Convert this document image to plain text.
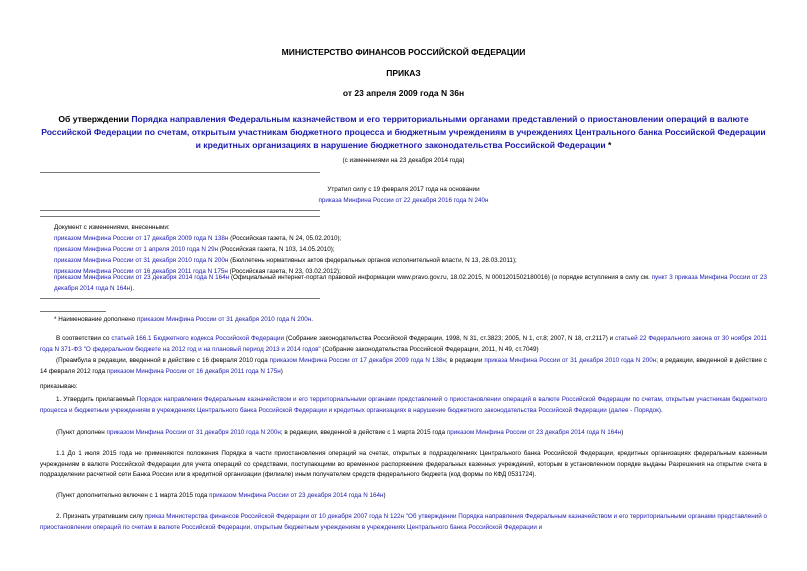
МИНИСТЕРСТВО ФИНАНСОВ РОССИЙСКОЙ ФЕДЕРАЦИИ
ПРИКАЗ
от 23 апреля 2009 года N 36н
Об утверждении Порядка направления Федеральным казначейством и его территориальными органами представлений о приостановлении операций в валюте Российской Федерации по счетам, открытым участникам бюджетного процесса и бюджетным учреждениям в учреждениях Центрального банка Российской Федерации и кредитных организациях в нарушение бюджетного законодательства Российской Федерации *
(с изменениями на 23 декабря 2014 года)
Утратил силу с 19 февраля 2017 года на основании
приказа Минфина России от 22 декабря 2016 года N 240н
Документ с изменениями, внесенными:
приказом Минфина России от 17 декабря 2009 года N 138н (Российская газета, N 24, 05.02.2010);
приказом Минфина России от 1 апреля 2010 года N 29н (Российская газета, N 103, 14.05.2010);
приказом Минфина России от 31 декабря 2010 года N 200н (Бюллетень нормативных актов федеральных органов исполнительной власти, N 13, 28.03.2011);
приказом Минфина России от 16 декабря 2011 года N 175н (Российская газета, N 23, 03.02.2012);
приказом Минфина России от 23 декабря 2014 года N 164н (Официальный интернет-портал правовой информации www.pravo.gov.ru, 18.02.2015, N 0001201502180016) (о порядке вступления в силу см. пункт 3 приказа Минфина России от 23 декабря 2014 года N 164н).
* Наименование дополнено приказом Минфина России от 31 декабря 2010 года N 200н.
В соответствии со статьей 166.1 Бюджетного кодекса Российской Федерации (Собрание законодательства Российской Федерации, 1998, N 31, ст.3823; 2005, N 1, ст.8; 2007, N 18, ст.2117) и статьей 22 Федерального закона от 30 ноября 2011 года N 371-ФЗ "О федеральном бюджете на 2012 год и на плановый период 2013 и 2014 годов" (Собрание законодательства Российской Федерации, 2011, N 49, ст.7049)
(Преамбула в редакции, введенной в действие с 16 февраля 2010 года приказом Минфина России от 17 декабря 2009 года N 138н; в редакции приказа Минфина России от 31 декабря 2010 года N 200н; в редакции, введенной в действие с 14 февраля 2012 года приказом Минфина России от 16 декабря 2011 года N 175н)
приказываю:
1. Утвердить прилагаемый Порядок направления Федеральным казначейством и его территориальными органами представлений о приостановлении операций в валюте Российской Федерации по счетам, открытым участникам бюджетного процесса и бюджетным учреждениям в учреждениях Центрального банка Российской Федерации и кредитных организациях в нарушение бюджетного законодательства Российской Федерации (далее - Порядок).
(Пункт дополнен приказом Минфина России от 31 декабря 2010 года N 200н; в редакции, введенной в действие с 1 марта 2015 года приказом Минфина России от 23 декабря 2014 года N 164н)
1.1 До 1 июля 2015 года не применяются положения Порядка в части приостановления операций на счетах, открытых в подразделениях Центрального банка Российской Федерации, кредитных организациях федеральным казенным учреждениям в валюте Российской Федерации для учета операций со средствами, поступающими во временное распоряжение федеральных казенных учреждений, которым в установленном порядке выданы Разрешения на открытие счета в подразделении расчетной сети Банка России или в кредитной организации (филиале) иным получателем средств федерального бюджета (код формы по КФД 0531724).
(Пункт дополнительно включен с 1 марта 2015 года приказом Минфина России от 23 декабря 2014 года N 164н)
2. Признать утратившим силу приказ Министерства финансов Российской Федерации от 10 декабря 2007 года N 122н "Об утверждении Порядка направления Федеральным казначейством и его территориальными органами представлений о приостановлении операций по счетам в валюте Российской Федерации, открытым бюджетным учреждениям в учреждениях Центрального банка Российской Федерации и
